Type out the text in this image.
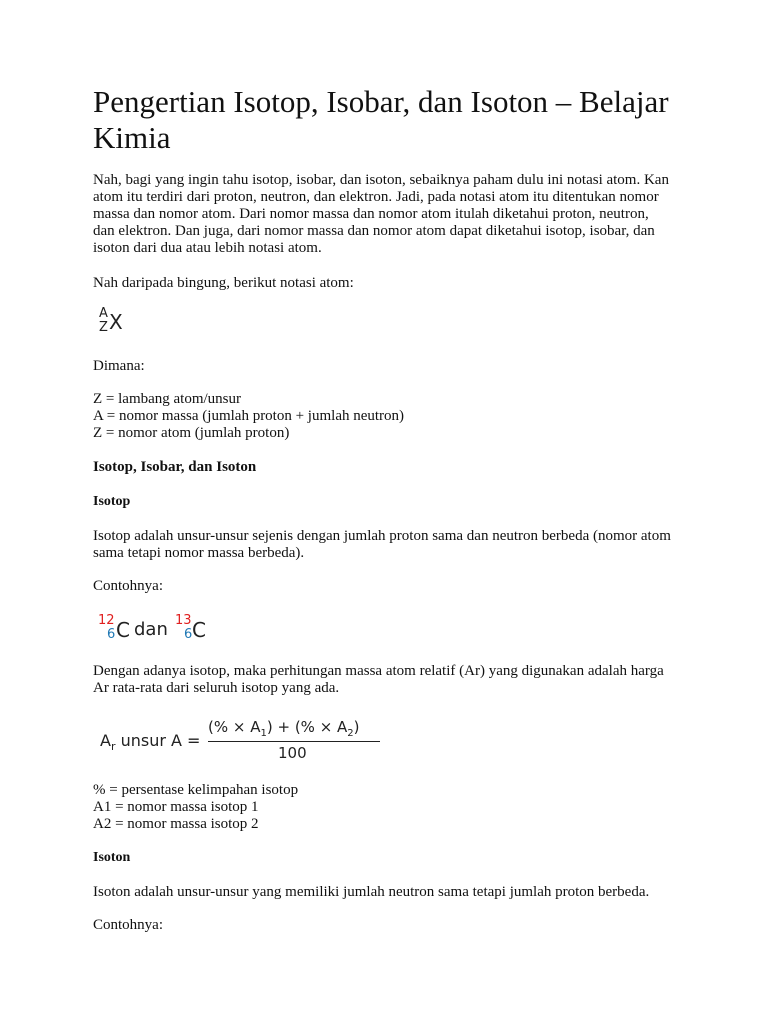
Pengertian Isotop, Isobar, dan Isoton – Belajar Kimia

Nah, bagi yang ingin tahu isotop, isobar, dan isoton, sebaiknya paham dulu ini notasi atom. Kan atom itu terdiri dari proton, neutron, dan elektron. Jadi, pada notasi atom itu ditentukan nomor massa dan nomor atom. Dari nomor massa dan nomor atom itulah diketahui proton, neutron, dan elektron. Dan juga, dari nomor massa dan nomor atom dapat diketahui isotop, isobar, dan isoton dari dua atau lebih notasi atom.

Nah daripada bingung, berikut notasi atom:

A
Z X

Dimana:

Z = lambang atom/unsur

A = nomor massa (jumlah proton + jumlah neutron)

Z = nomor atom (jumlah proton)

Isotop, Isobar, dan Isoton
Isotop

Isotop adalah unsur-unsur sejenis dengan jumlah proton sama dan neutron berbeda (nomor atom sama tetapi nomor massa berbeda).

Contohnya:

12
6 C dan 13
6 C

Dengan adanya isotop, maka perhitungan massa atom relatif (Ar) yang digunakan adalah harga Ar rata-rata dari seluruh isotop yang ada.

$A_r$ unsur A =
(% × $A_1$) + (% × $A_2$)
100

% = persentase kelimpahan isotop

A1 = nomor massa isotop 1

A2 = nomor massa isotop 2

Isoton

Isoton adalah unsur-unsur yang memiliki jumlah neutron sama tetapi jumlah proton berbeda.

Contohnya:
